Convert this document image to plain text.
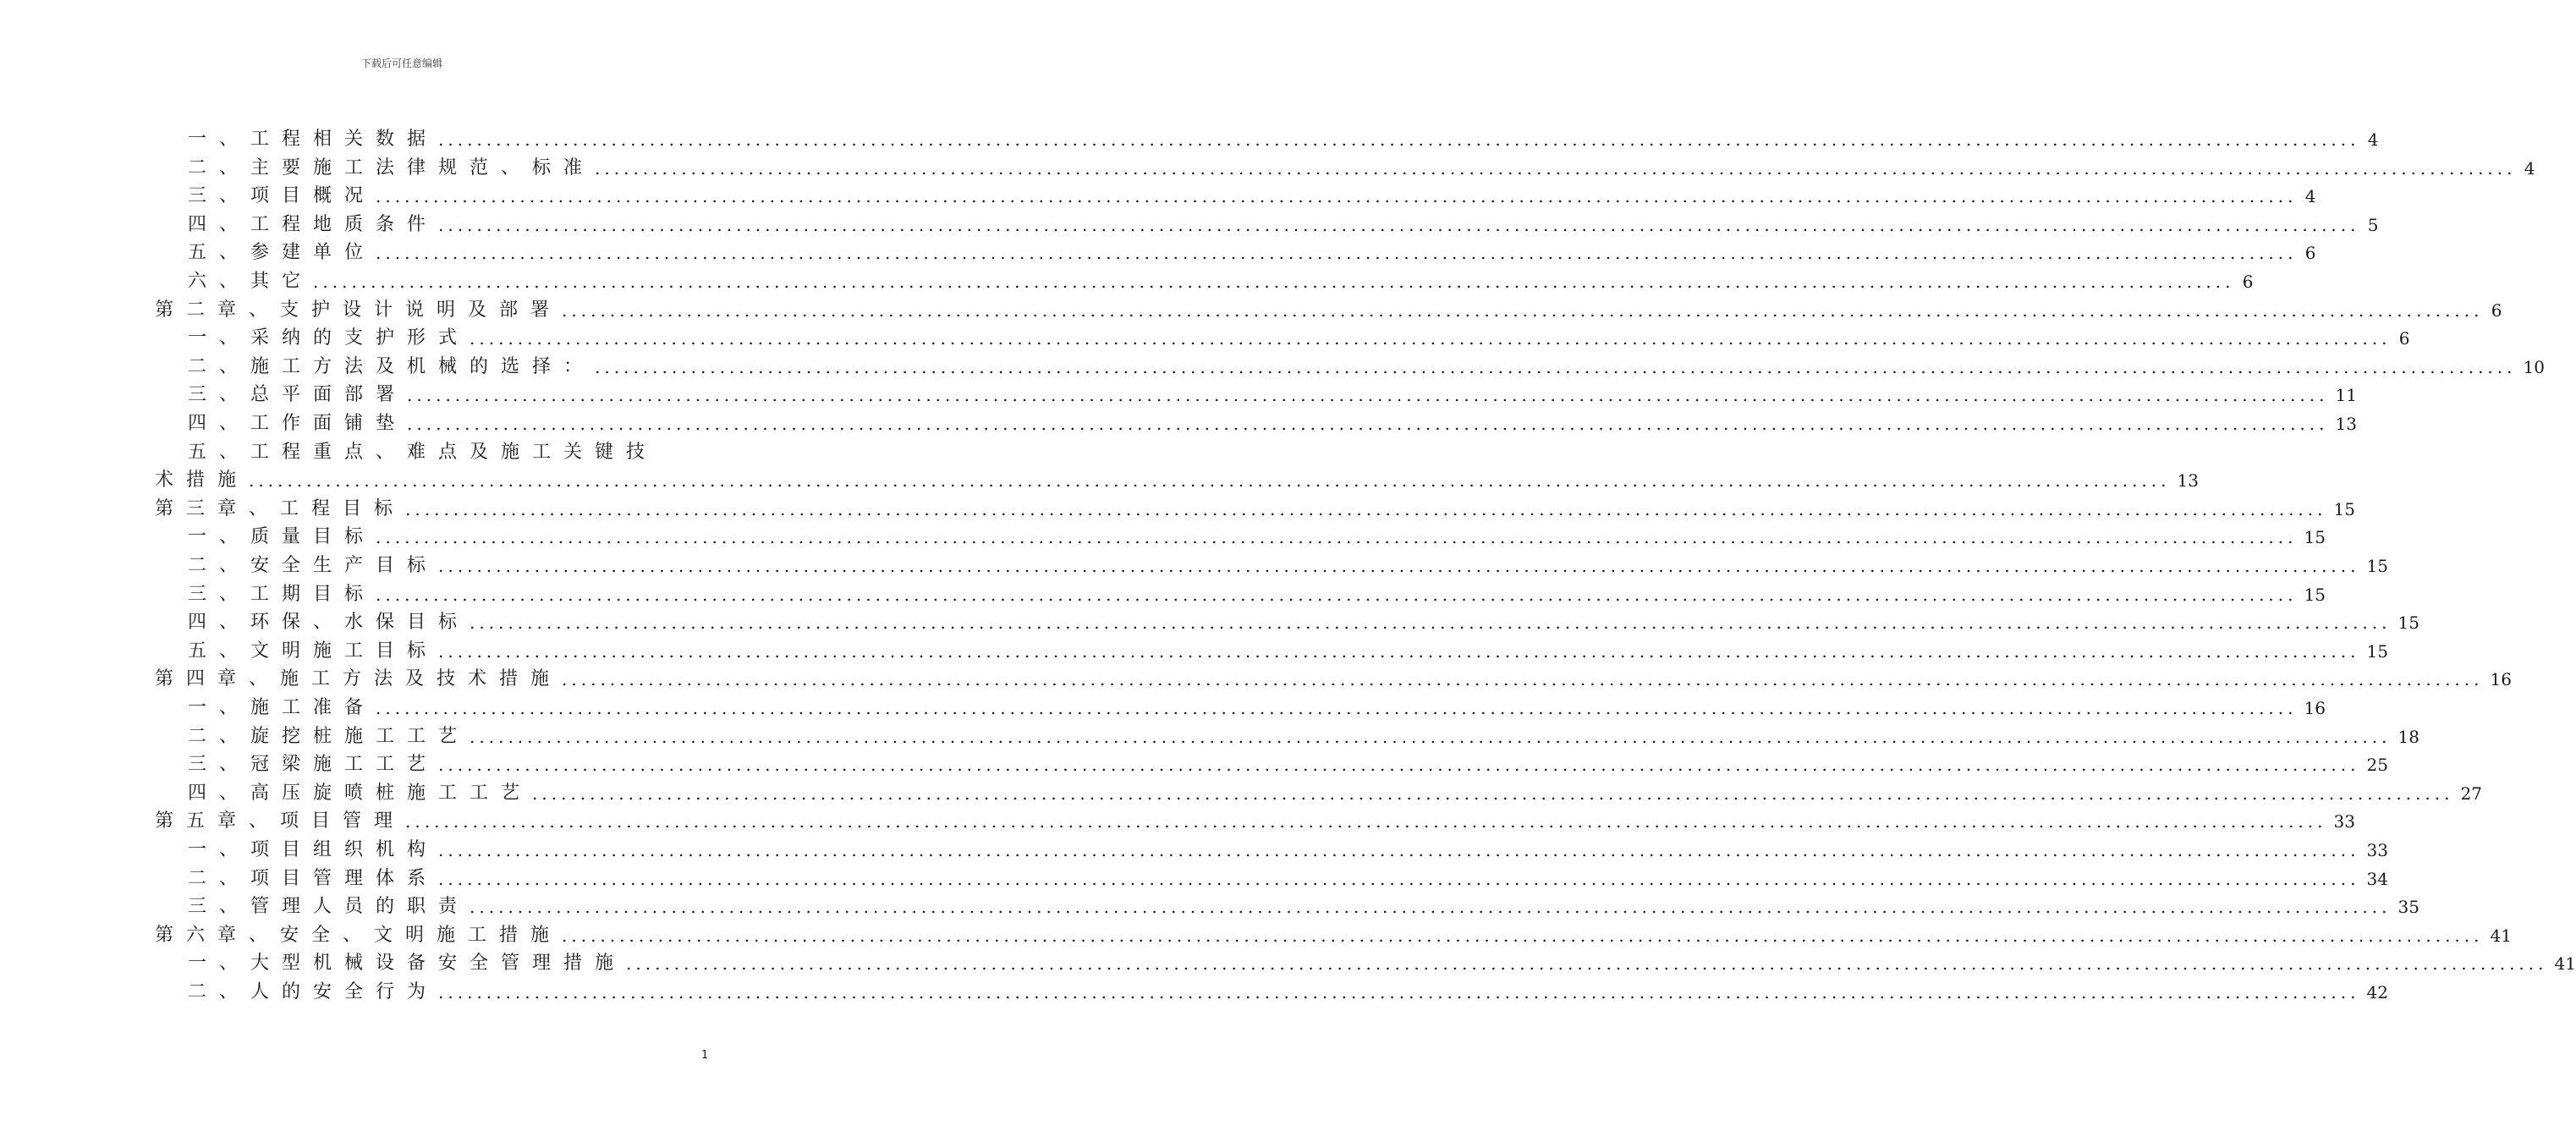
下载后可任意编辑
一、工程相关数据 ........................................................................................................................................................................................................ 4
二、主要施工法律规范、标准 ........................................................................................................................................................................................................ 4
三、项目概况 ........................................................................................................................................................................................................ 4
四、工程地质条件 ........................................................................................................................................................................................................ 5
五、参建单位 ........................................................................................................................................................................................................ 6
六、其它 ........................................................................................................................................................................................................ 6
第二章、支护设计说明及部署 ........................................................................................................................................................................................................ 6
一、采纳的支护形式 ........................................................................................................................................................................................................ 6
二、施工方法及机械的选择： ........................................................................................................................................................................................................ 10
三、总平面部署 ........................................................................................................................................................................................................ 11
四、工作面铺垫 ........................................................................................................................................................................................................ 13
五、工程重点、难点及施工关键技
术措施 ........................................................................................................................................................................................................ 13
第三章、工程目标 ........................................................................................................................................................................................................ 15
一、质量目标 ........................................................................................................................................................................................................ 15
二、安全生产目标 ........................................................................................................................................................................................................ 15
三、工期目标 ........................................................................................................................................................................................................ 15
四、环保、水保目标 ........................................................................................................................................................................................................ 15
五、文明施工目标 ........................................................................................................................................................................................................ 15
第四章、施工方法及技术措施 ........................................................................................................................................................................................................ 16
一、施工准备 ........................................................................................................................................................................................................ 16
二、旋挖桩施工工艺 ........................................................................................................................................................................................................ 18
三、冠梁施工工艺 ........................................................................................................................................................................................................ 25
四、高压旋喷桩施工工艺 ........................................................................................................................................................................................................ 27
第五章、项目管理 ........................................................................................................................................................................................................ 33
一、项目组织机构 ........................................................................................................................................................................................................ 33
二、项目管理体系 ........................................................................................................................................................................................................ 34
三、管理人员的职责 ........................................................................................................................................................................................................ 35
第六章、安全、文明施工措施 ........................................................................................................................................................................................................ 41
一、大型机械设备安全管理措施 ........................................................................................................................................................................................................ 41
二、人的安全行为 ........................................................................................................................................................................................................ 42
1
